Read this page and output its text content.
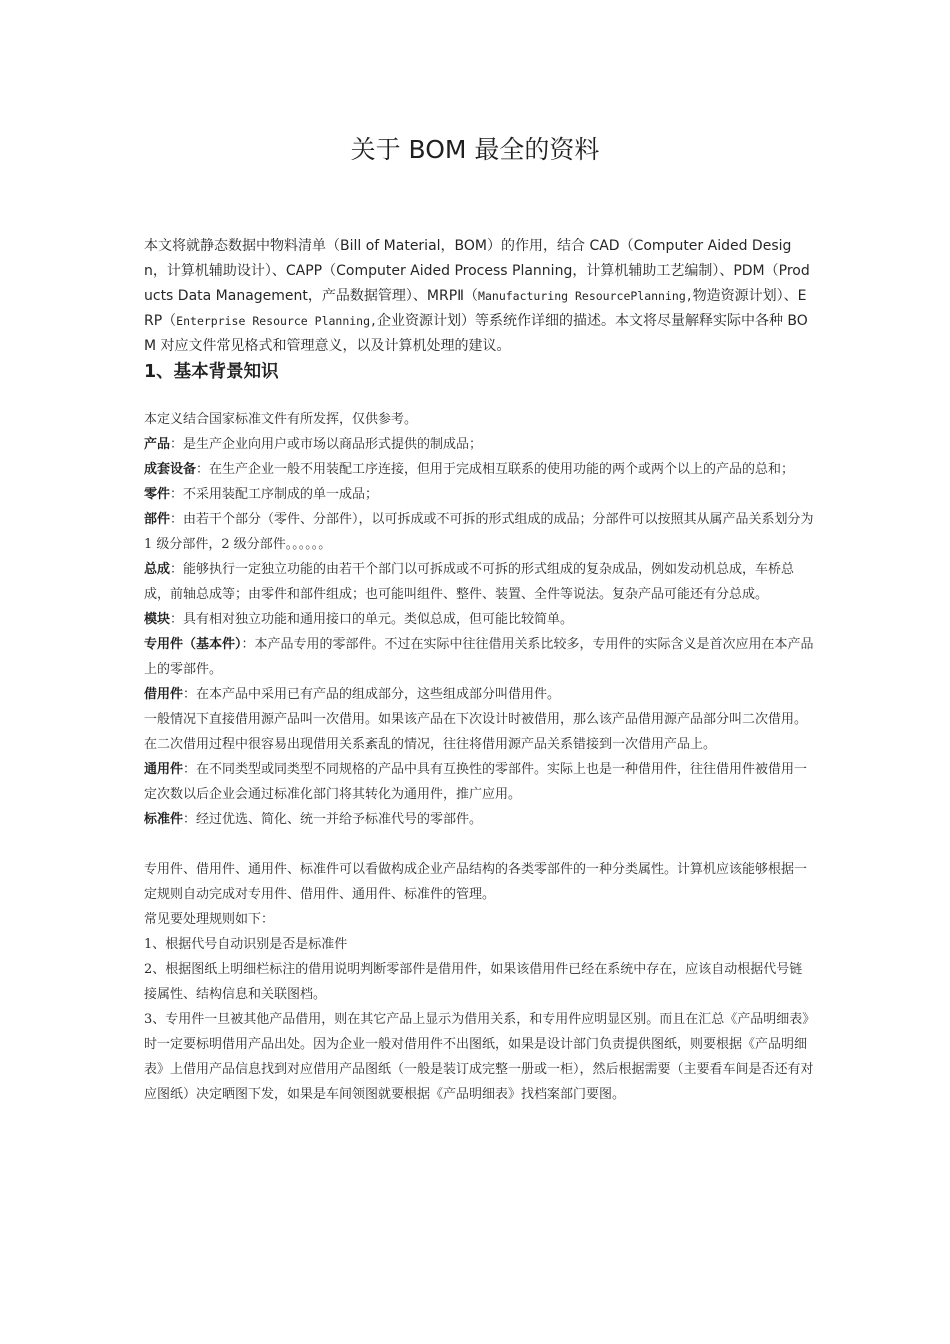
关于 BOM 最全的资料
本文将就静态数据中物料清单（Bill of Material，BOM）的作用，结合 CAD（Computer Aided Design，计算机辅助设计）、CAPP（Computer Aided Process Planning，计算机辅助工艺编制）、PDM（Products Data Management，产品数据管理）、MRPⅡ（Manufacturing ResourcePlanning,物造资源计划）、ERP（Enterprise Resource Planning,企业资源计划）等系统作详细的描述。本文将尽量解释实际中各种 BOM 对应文件常见格式和管理意义，以及计算机处理的建议。
1、基本背景知识

本定义结合国家标准文件有所发挥，仅供参考。

产品：是生产企业向用户或市场以商品形式提供的制成品；

成套设备：在生产企业一般不用装配工序连接，但用于完成相互联系的使用功能的两个或两个以上的产品的总和；

零件：不采用装配工序制成的单一成品；

部件：由若干个部分（零件、分部件），以可拆成或不可拆的形式组成的成品；分部件可以按照其从属产品关系划分为 1 级分部件，2 级分部件。。。。。。

总成：能够执行一定独立功能的由若干个部门以可拆成或不可拆的形式组成的复杂成品，例如发动机总成，车桥总成，前轴总成等；由零件和部件组成；也可能叫组件、整件、装置、全件等说法。复杂产品可能还有分总成。

模块：具有相对独立功能和通用接口的单元。类似总成，但可能比较简单。

专用件（基本件）：本产品专用的零部件。不过在实际中往往借用关系比较多，专用件的实际含义是首次应用在本产品上的零部件。

借用件：在本产品中采用已有产品的组成部分，这些组成部分叫借用件。

一般情况下直接借用源产品叫一次借用。如果该产品在下次设计时被借用，那么该产品借用源产品部分叫二次借用。在二次借用过程中很容易出现借用关系紊乱的情况，往往将借用源产品关系错接到一次借用产品上。

通用件：在不同类型或同类型不同规格的产品中具有互换性的零部件。实际上也是一种借用件，往往借用件被借用一定次数以后企业会通过标准化部门将其转化为通用件，推广应用。

标准件：经过优选、简化、统一并给予标准代号的零部件。

专用件、借用件、通用件、标准件可以看做构成企业产品结构的各类零部件的一种分类属性。计算机应该能够根据一定规则自动完成对专用件、借用件、通用件、标准件的管理。

常见要处理规则如下：

1、根据代号自动识别是否是标准件

2、根据图纸上明细栏标注的借用说明判断零部件是借用件，如果该借用件已经在系统中存在，应该自动根据代号链接属性、结构信息和关联图档。

3、专用件一旦被其他产品借用，则在其它产品上显示为借用关系，和专用件应明显区别。而且在汇总《产品明细表》时一定要标明借用产品出处。因为企业一般对借用件不出图纸，如果是设计部门负责提供图纸，则要根据《产品明细表》上借用产品信息找到对应借用产品图纸（一般是装订成完整一册或一柜），然后根据需要（主要看车间是否还有对应图纸）决定晒图下发，如果是车间领图就要根据《产品明细表》找档案部门要图。
